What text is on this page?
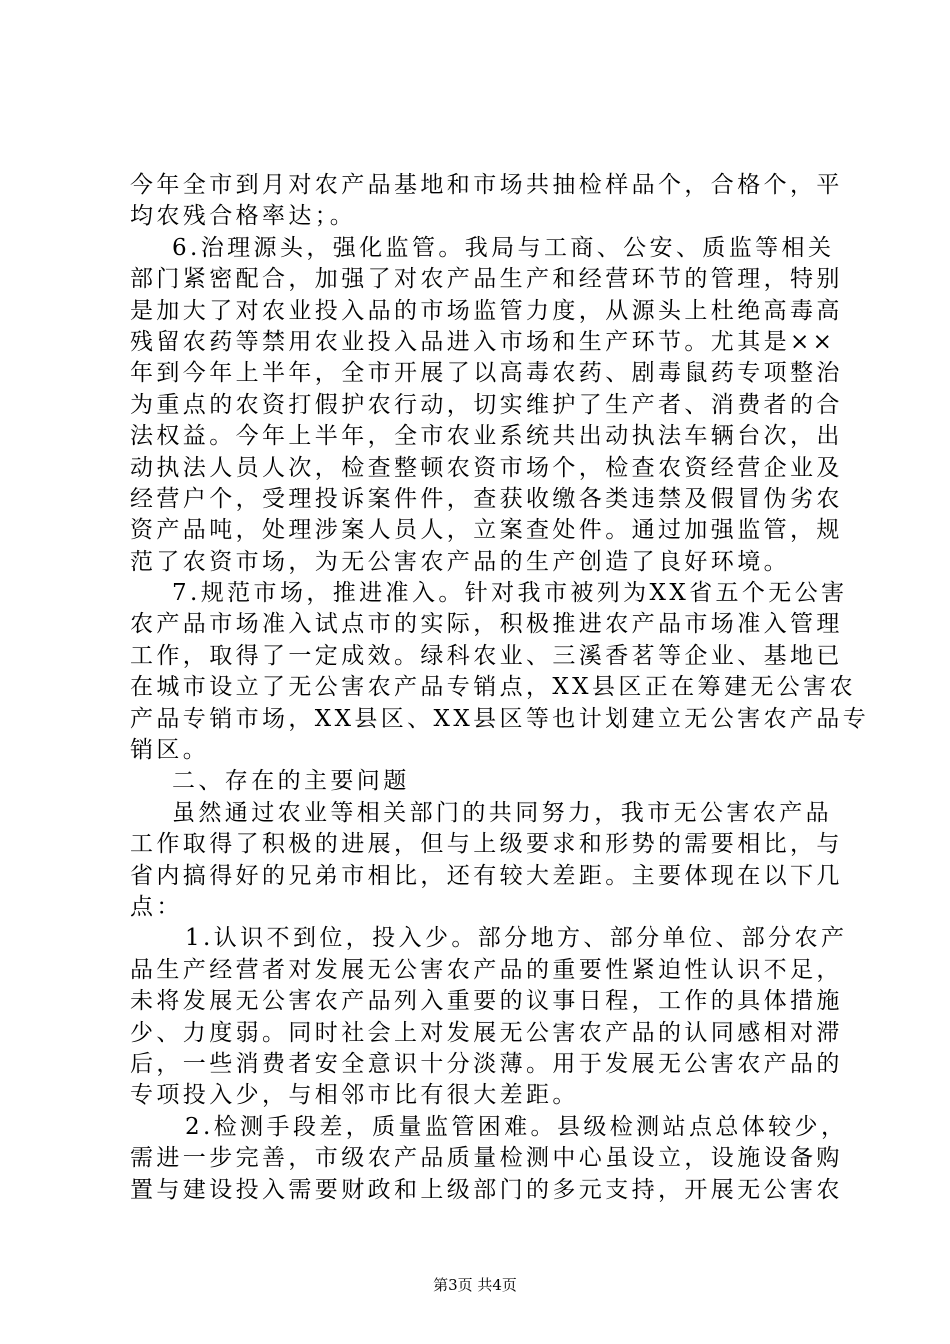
今年全市到月对农产品基地和市场共抽检样品个，合格个，平
均农残合格率达；。
6.治理源头，强化监管。我局与工商、公安、质监等相关
部门紧密配合，加强了对农产品生产和经营环节的管理，特别
是加大了对农业投入品的市场监管力度，从源头上杜绝高毒高
残留农药等禁用农业投入品进入市场和生产环节。尤其是××
年到今年上半年，全市开展了以高毒农药、剧毒鼠药专项整治
为重点的农资打假护农行动，切实维护了生产者、消费者的合
法权益。今年上半年，全市农业系统共出动执法车辆台次，出
动执法人员人次，检查整顿农资市场个，检查农资经营企业及
经营户个，受理投诉案件件，查获收缴各类违禁及假冒伪劣农
资产品吨，处理涉案人员人，立案查处件。通过加强监管，规
范了农资市场，为无公害农产品的生产创造了良好环境。
7.规范市场，推进准入。针对我市被列为XX省五个无公害
农产品市场准入试点市的实际，积极推进农产品市场准入管理
工作，取得了一定成效。绿科农业、三溪香茗等企业、基地已
在城市设立了无公害农产品专销点，XX县区正在筹建无公害农
产品专销市场，XX县区、XX县区等也计划建立无公害农产品专
销区。
二、存在的主要问题
虽然通过农业等相关部门的共同努力，我市无公害农产品
工作取得了积极的进展，但与上级要求和形势的需要相比，与
省内搞得好的兄弟市相比，还有较大差距。主要体现在以下几
点：
1.认识不到位，投入少。部分地方、部分单位、部分农产
品生产经营者对发展无公害农产品的重要性紧迫性认识不足，
未将发展无公害农产品列入重要的议事日程，工作的具体措施
少、力度弱。同时社会上对发展无公害农产品的认同感相对滞
后，一些消费者安全意识十分淡薄。用于发展无公害农产品的
专项投入少，与相邻市比有很大差距。
2.检测手段差，质量监管困难。县级检测站点总体较少，
需进一步完善，市级农产品质量检测中心虽设立，设施设备购
置与建设投入需要财政和上级部门的多元支持，开展无公害农
第3页 共4页
